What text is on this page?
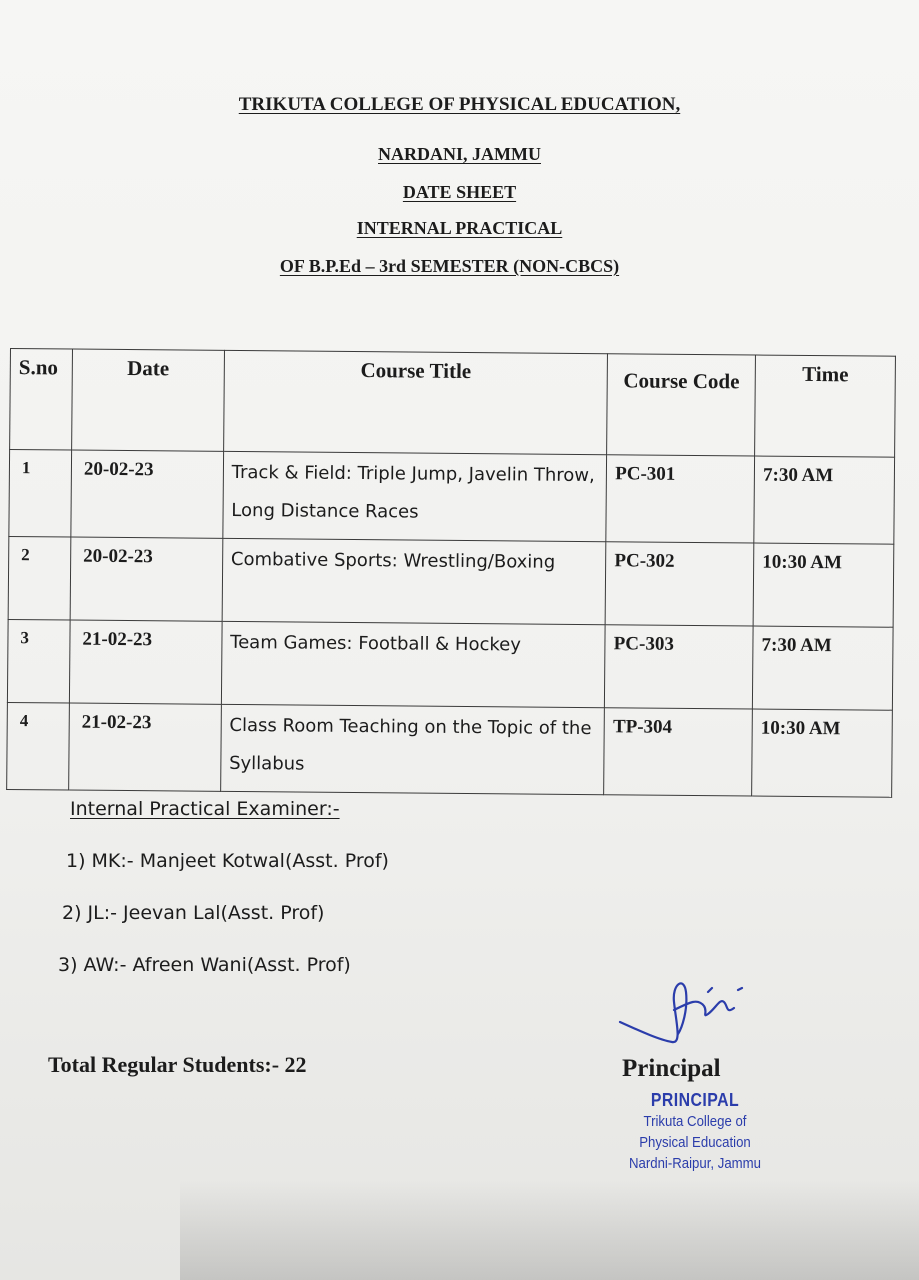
TRIKUTA COLLEGE OF PHYSICAL EDUCATION,
NARDANI, JAMMU
DATE SHEET
INTERNAL PRACTICAL
OF B.P.Ed – 3rd SEMESTER (NON-CBCS)
S.no	Date	Course Title	Course Code	Time
1	20-02-23	Track & Field: Triple Jump, Javelin Throw, Long Distance Races	PC-301	7:30 AM
2	20-02-23	Combative Sports: Wrestling/Boxing	PC-302	10:30 AM
3	21-02-23	Team Games: Football & Hockey	PC-303	7:30 AM
4	21-02-23	Class Room Teaching on the Topic of the Syllabus	TP-304	10:30 AM
Internal Practical Examiner:-
1) MK:- Manjeet Kotwal(Asst. Prof)
2) JL:- Jeevan Lal(Asst. Prof)
3) AW:- Afreen Wani(Asst. Prof)
Total Regular Students:- 22	Principal
PRINCIPAL
Trikuta College of
Physical Education
Nardni-Raipur, Jammu
